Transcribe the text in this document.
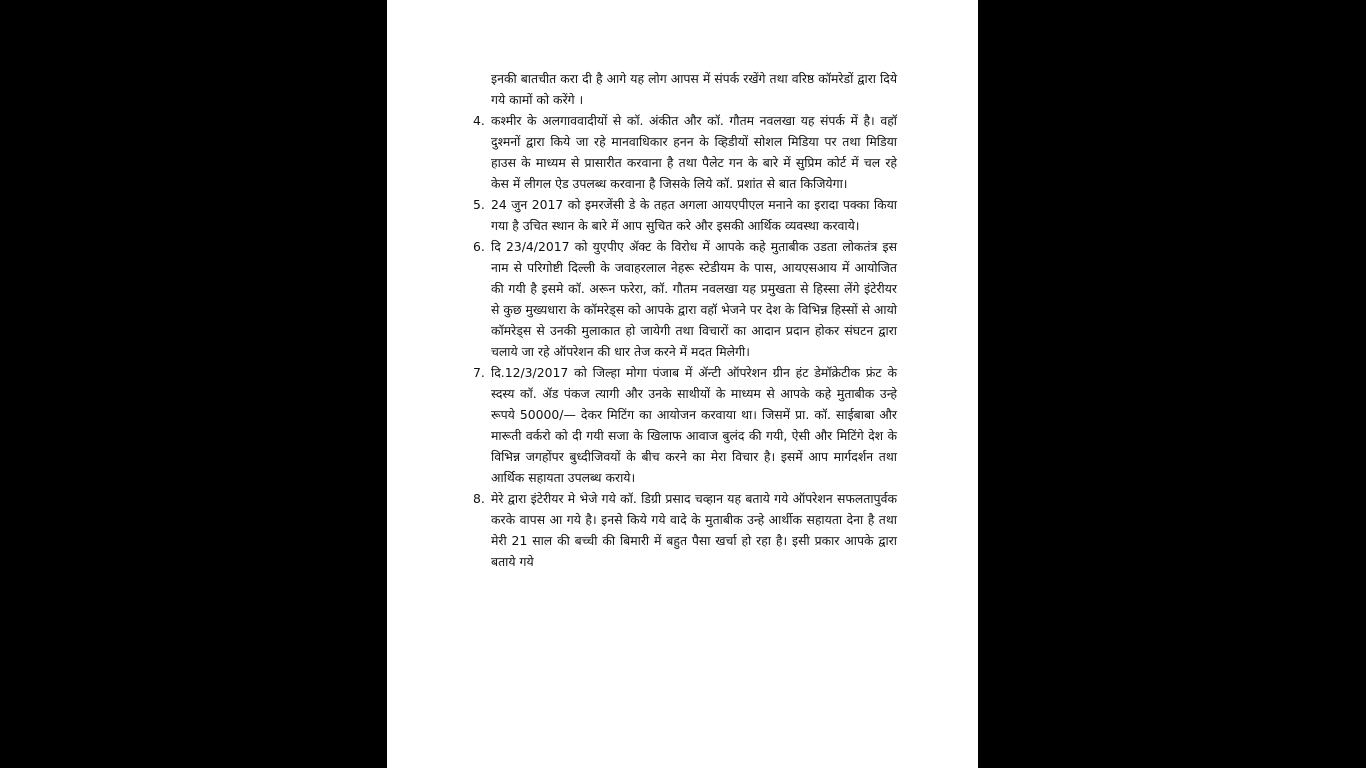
इनकी बातचीत करा दी है आगे यह लोग आपस में संपर्क रखेंगे तथा वरिष्ठ कॉमरेडों द्वारा दिये गये कामों को करेंगे ।
4. कश्मीर के अलगाववादीयों से कॉ. अंकीत और कॉ. गौतम नवलखा यह संपर्क में है। वहॉ दुश्मनों द्वारा किये जा रहे मानवाधिकार हनन के व्हिडीयों सोशल मिडिया पर तथा मिडिया हाउस के माध्यम से प्रासारीत करवाना है तथा पैलेट गन के बारे में सुप्रिम कोर्ट में चल रहे केस में लीगल ऐड उपलब्ध करवाना है जिसके लिये कॉ. प्रशांत से बात किजियेगा।
5. 24 जुन 2017 को इमरजेंसी डे के तहत अगला आयएपीएल मनाने का इरादा पक्का किया गया है उचित स्थान के बारे में आप सुचित करे और इसकी आर्थिक व्यवस्था करवाये।
6. दि 23/4/2017 को युएपीए ॲक्ट के विरोध में आपके कहे मुताबीक उडता लोकतंत्र इस नाम से परिगोष्टी दिल्ली के जवाहरलाल नेहरू स्टेडीयम के पास, आयएसआय में आयोजित की गयी है इसमे कॉ. अरून फरेरा, कॉ. गौतम नवलखा यह प्रमुखता से हिस्सा लेंगे इंटेरीयर से कुछ मुख्यधारा के कॉमरेड्स को आपके द्वारा वहॉ भेजने पर देश के विभिन्न हिस्सों से आयो कॉमरेड्स से उनकी मुलाकात हो जायेगी तथा विचारों का आदान प्रदान होकर संघटन द्वारा चलाये जा रहे ऑपरेशन की धार तेज करने में मदत मिलेगी।
7. दि.12/3/2017 को जिल्हा मोगा पंजाब में ॲन्टी ऑपरेशन ग्रीन हंट डेमॉक्रेटीक फ्रंट के स्दस्य कॉ. ॲड पंकज त्यागी और उनके साथीयों के माध्यम से आपके कहे मुताबीक उन्हे रूपये 50000/— देकर मिटिंग का आयोजन करवाया था। जिसमें प्रा. कॉ. साईबाबा और मारूती वर्करो को दी गयी सजा के खिलाफ आवाज बुलंद की गयी, ऐसी और मिटिंगे देश के विभिन्न जगहोंपर बुध्दीजिवयों के बीच करने का मेरा विचार है। इसमें आप मार्गदर्शन तथा आर्थिक सहायता उपलब्ध कराये।
8. मेरे द्वारा इंटेरीयर मे भेजे गये कॉ. डिग्री प्रसाद चव्हान यह बताये गये ऑपरेशन सफलतापुर्वक करके वापस आ गये है। इनसे किये गये वादे के मुताबीक उन्हे आर्थीक सहायता देना है तथा मेरी 21 साल की बच्ची की बिमारी में बहुत पैसा खर्चा हो रहा है। इसी प्रकार आपके द्वारा बताये गये
